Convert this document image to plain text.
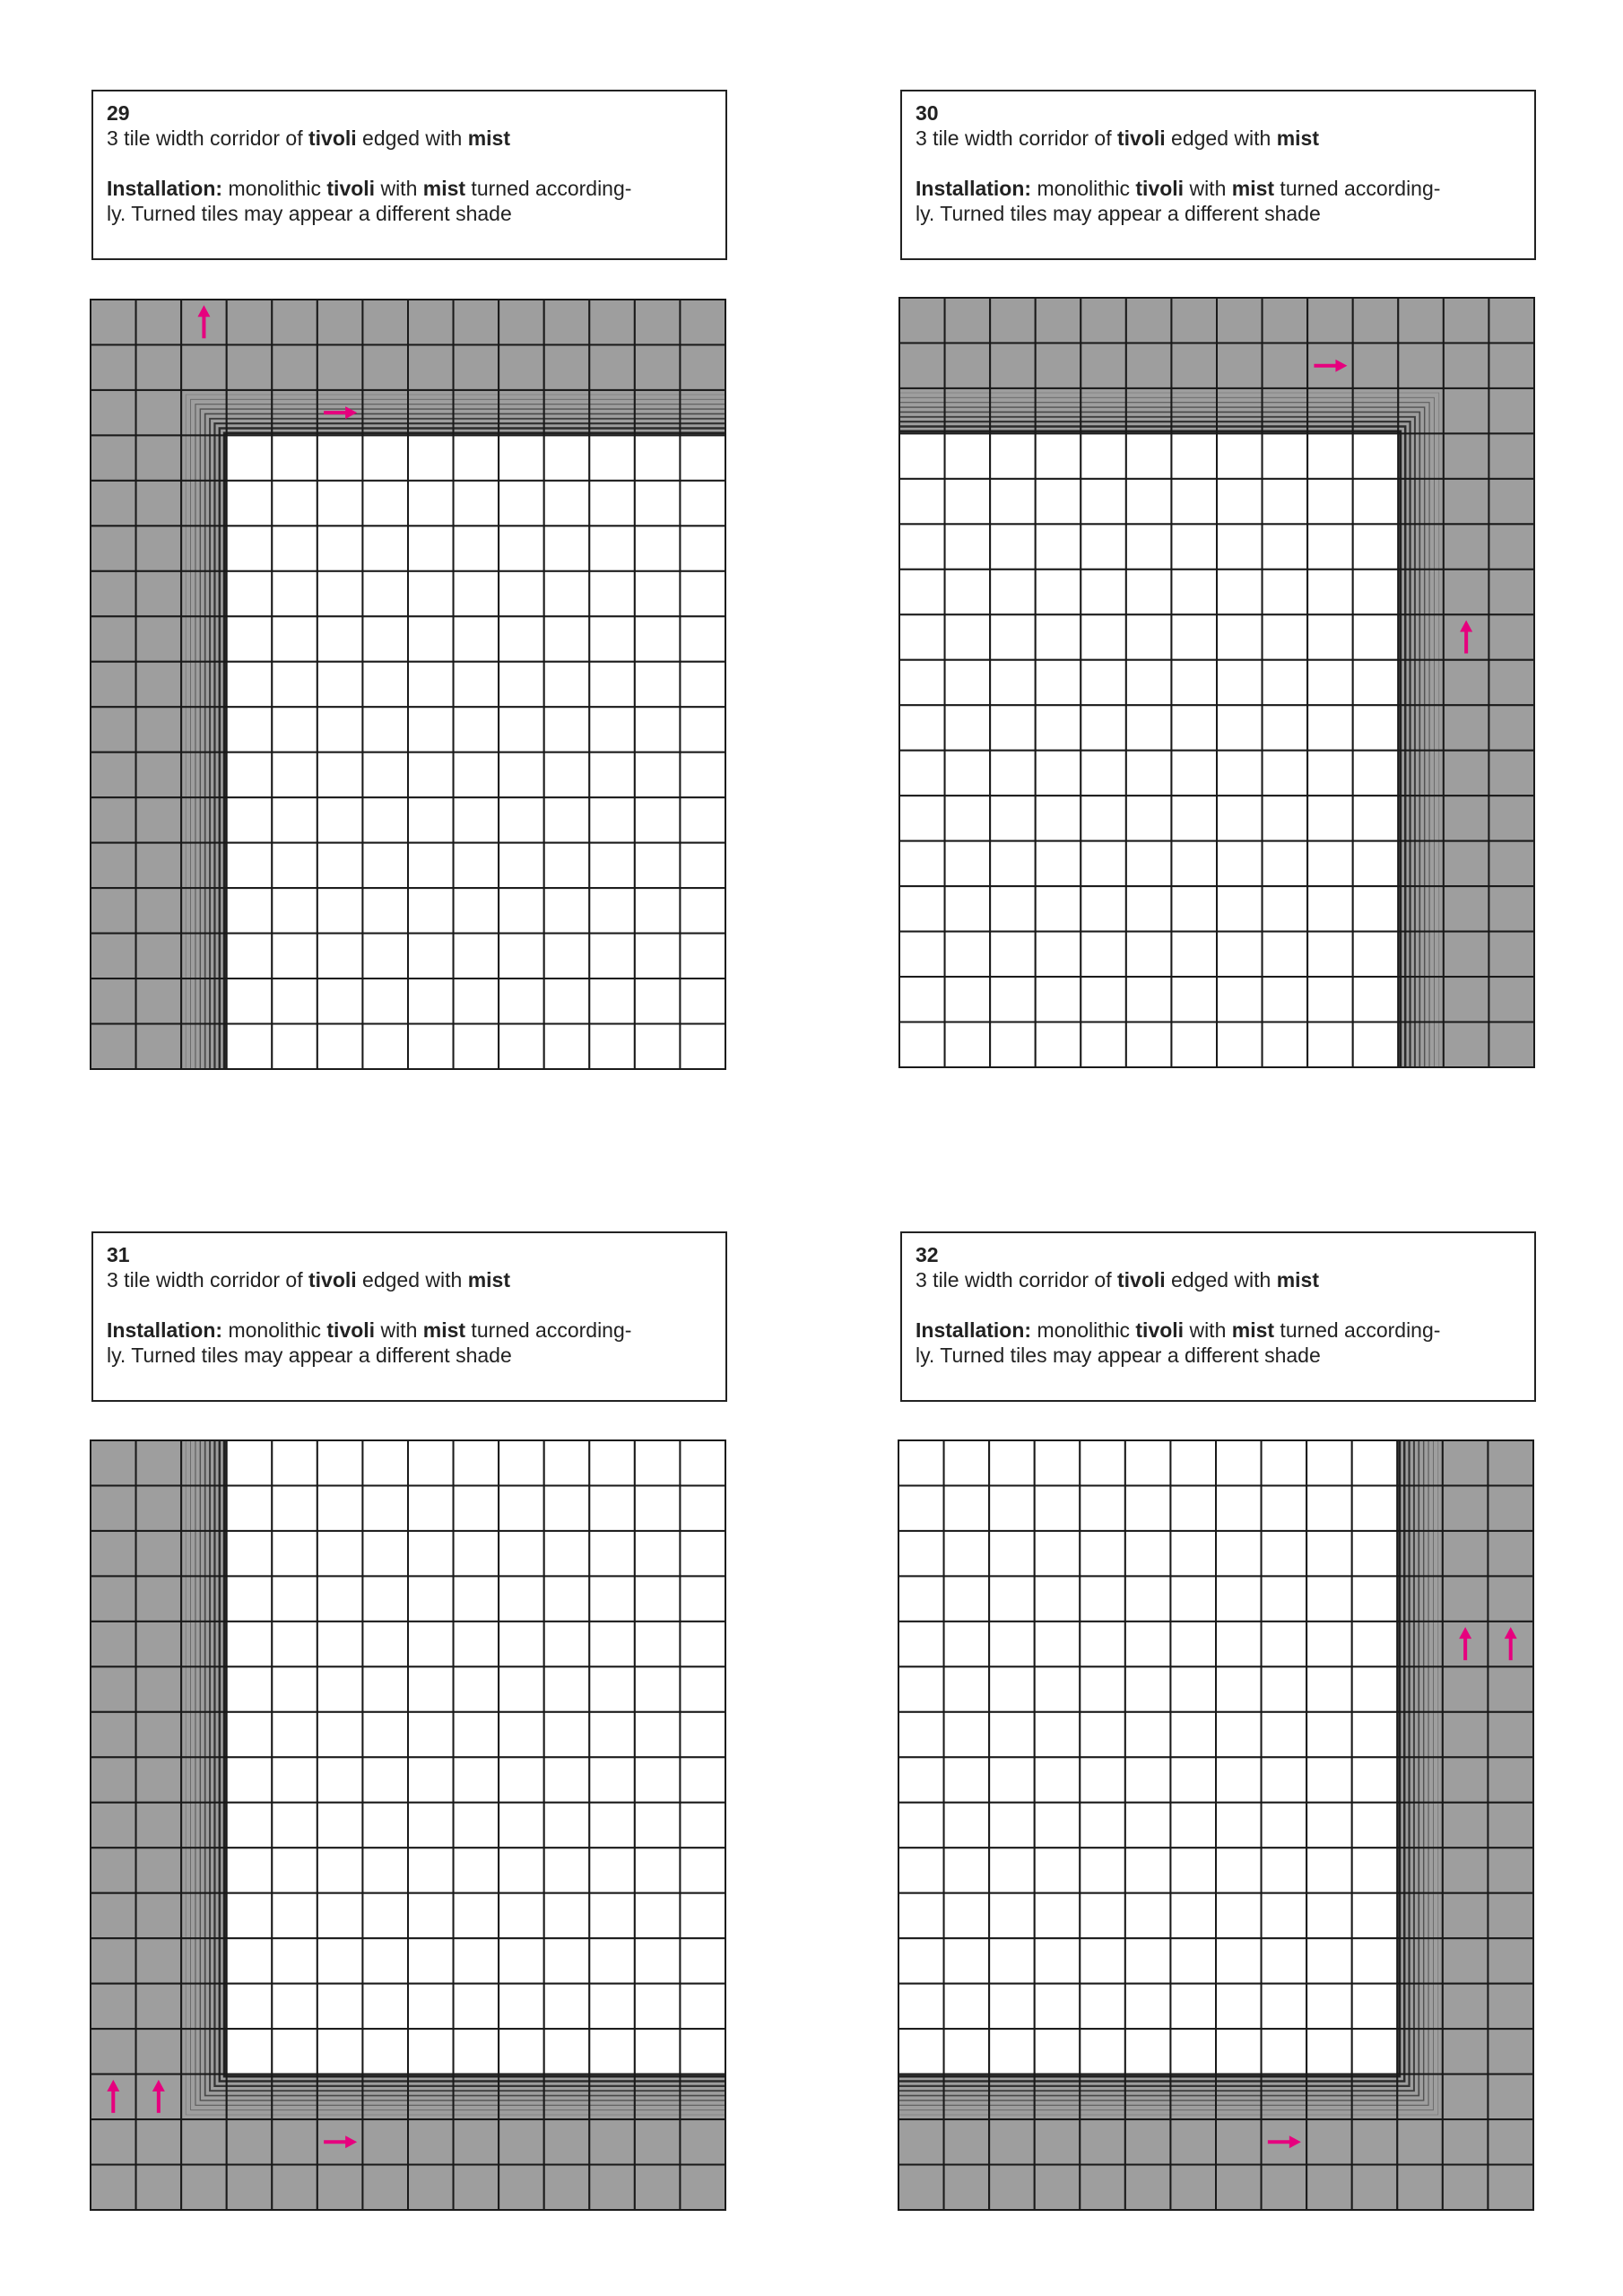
29
3 tile width corridor of tivoli edged with mist
Installation: monolithic tivoli with mist turned according-
ly. Turned tiles may appear a different shade
30
3 tile width corridor of tivoli edged with mist
Installation: monolithic tivoli with mist turned according-
ly. Turned tiles may appear a different shade
31
3 tile width corridor of tivoli edged with mist
Installation: monolithic tivoli with mist turned according-
ly. Turned tiles may appear a different shade
32
3 tile width corridor of tivoli edged with mist
Installation: monolithic tivoli with mist turned according-
ly. Turned tiles may appear a different shade
